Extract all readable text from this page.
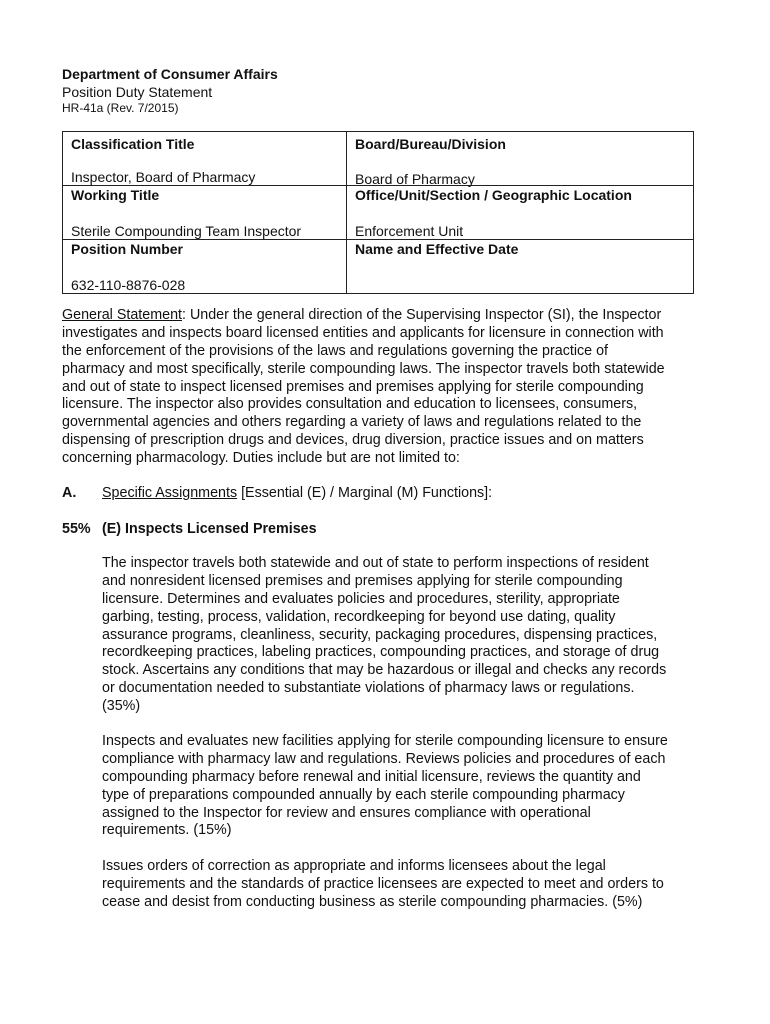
Department of Consumer Affairs
Position Duty Statement
HR-41a (Rev. 7/2015)
Classification Title
Inspector, Board of Pharmacy
Board/Bureau/Division
Board of Pharmacy
Working Title
Sterile Compounding Team Inspector
Office/Unit/Section / Geographic Location
Enforcement Unit
Position Number
632-110-8876-028
Name and Effective Date
General Statement: Under the general direction of the Supervising Inspector (SI), the Inspector
investigates and inspects board licensed entities and applicants for licensure in connection with
the enforcement of the provisions of the laws and regulations governing the practice of
pharmacy and most specifically, sterile compounding laws. The inspector travels both statewide
and out of state to inspect licensed premises and premises applying for sterile compounding
licensure. The inspector also provides consultation and education to licensees, consumers,
governmental agencies and others regarding a variety of laws and regulations related to the
dispensing of prescription drugs and devices, drug diversion, practice issues and on matters
concerning pharmacology. Duties include but are not limited to:
A. Specific Assignments [Essential (E) / Marginal (M) Functions]:
55% (E) Inspects Licensed Premises
The inspector travels both statewide and out of state to perform inspections of resident
and nonresident licensed premises and premises applying for sterile compounding
licensure. Determines and evaluates policies and procedures, sterility, appropriate
garbing, testing, process, validation, recordkeeping for beyond use dating, quality
assurance programs, cleanliness, security, packaging procedures, dispensing practices,
recordkeeping practices, labeling practices, compounding practices, and storage of drug
stock. Ascertains any conditions that may be hazardous or illegal and checks any records
or documentation needed to substantiate violations of pharmacy laws or regulations.
(35%)
Inspects and evaluates new facilities applying for sterile compounding licensure to ensure
compliance with pharmacy law and regulations. Reviews policies and procedures of each
compounding pharmacy before renewal and initial licensure, reviews the quantity and
type of preparations compounded annually by each sterile compounding pharmacy
assigned to the Inspector for review and ensures compliance with operational
requirements. (15%)
Issues orders of correction as appropriate and informs licensees about the legal
requirements and the standards of practice licensees are expected to meet and orders to
cease and desist from conducting business as sterile compounding pharmacies. (5%)
